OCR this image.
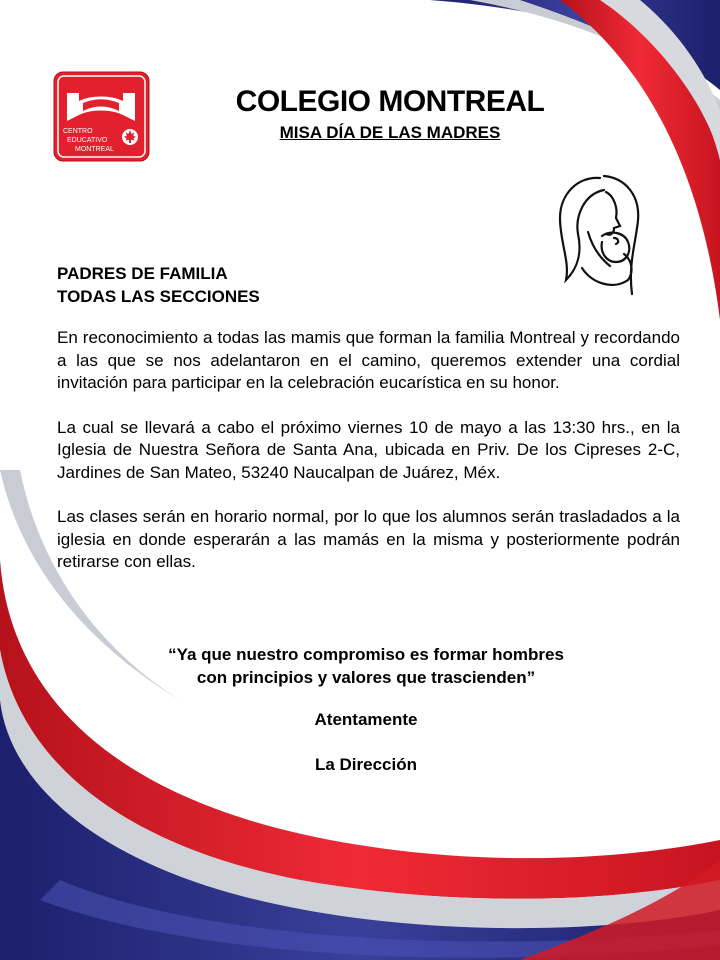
CENTRO
EDUCATIVO
MONTREAL
COLEGIO MONTREAL
MISA DÍA DE LAS MADRES
PADRES DE FAMILIA
TODAS LAS SECCIONES

En reconocimiento a todas las mamis que forman la familia Montreal y recordando a las que se nos adelantaron en el camino, queremos extender una cordial invitación para participar en la celebración eucarística en su honor.

La cual se llevará a cabo el próximo viernes 10 de mayo a las 13:30 hrs., en la Iglesia de Nuestra Señora de Santa Ana, ubicada en Priv. De los Cipreses 2-C, Jardines de San Mateo, 53240 Naucalpan de Juárez, Méx.

Las clases serán en horario normal, por lo que los alumnos serán trasladados a la iglesia en donde esperarán a las mamás en la misma y posteriormente podrán retirarse con ellas.

“Ya que nuestro compromiso es formar hombres
con principios y valores que trascienden”
Atentamente
La Dirección
